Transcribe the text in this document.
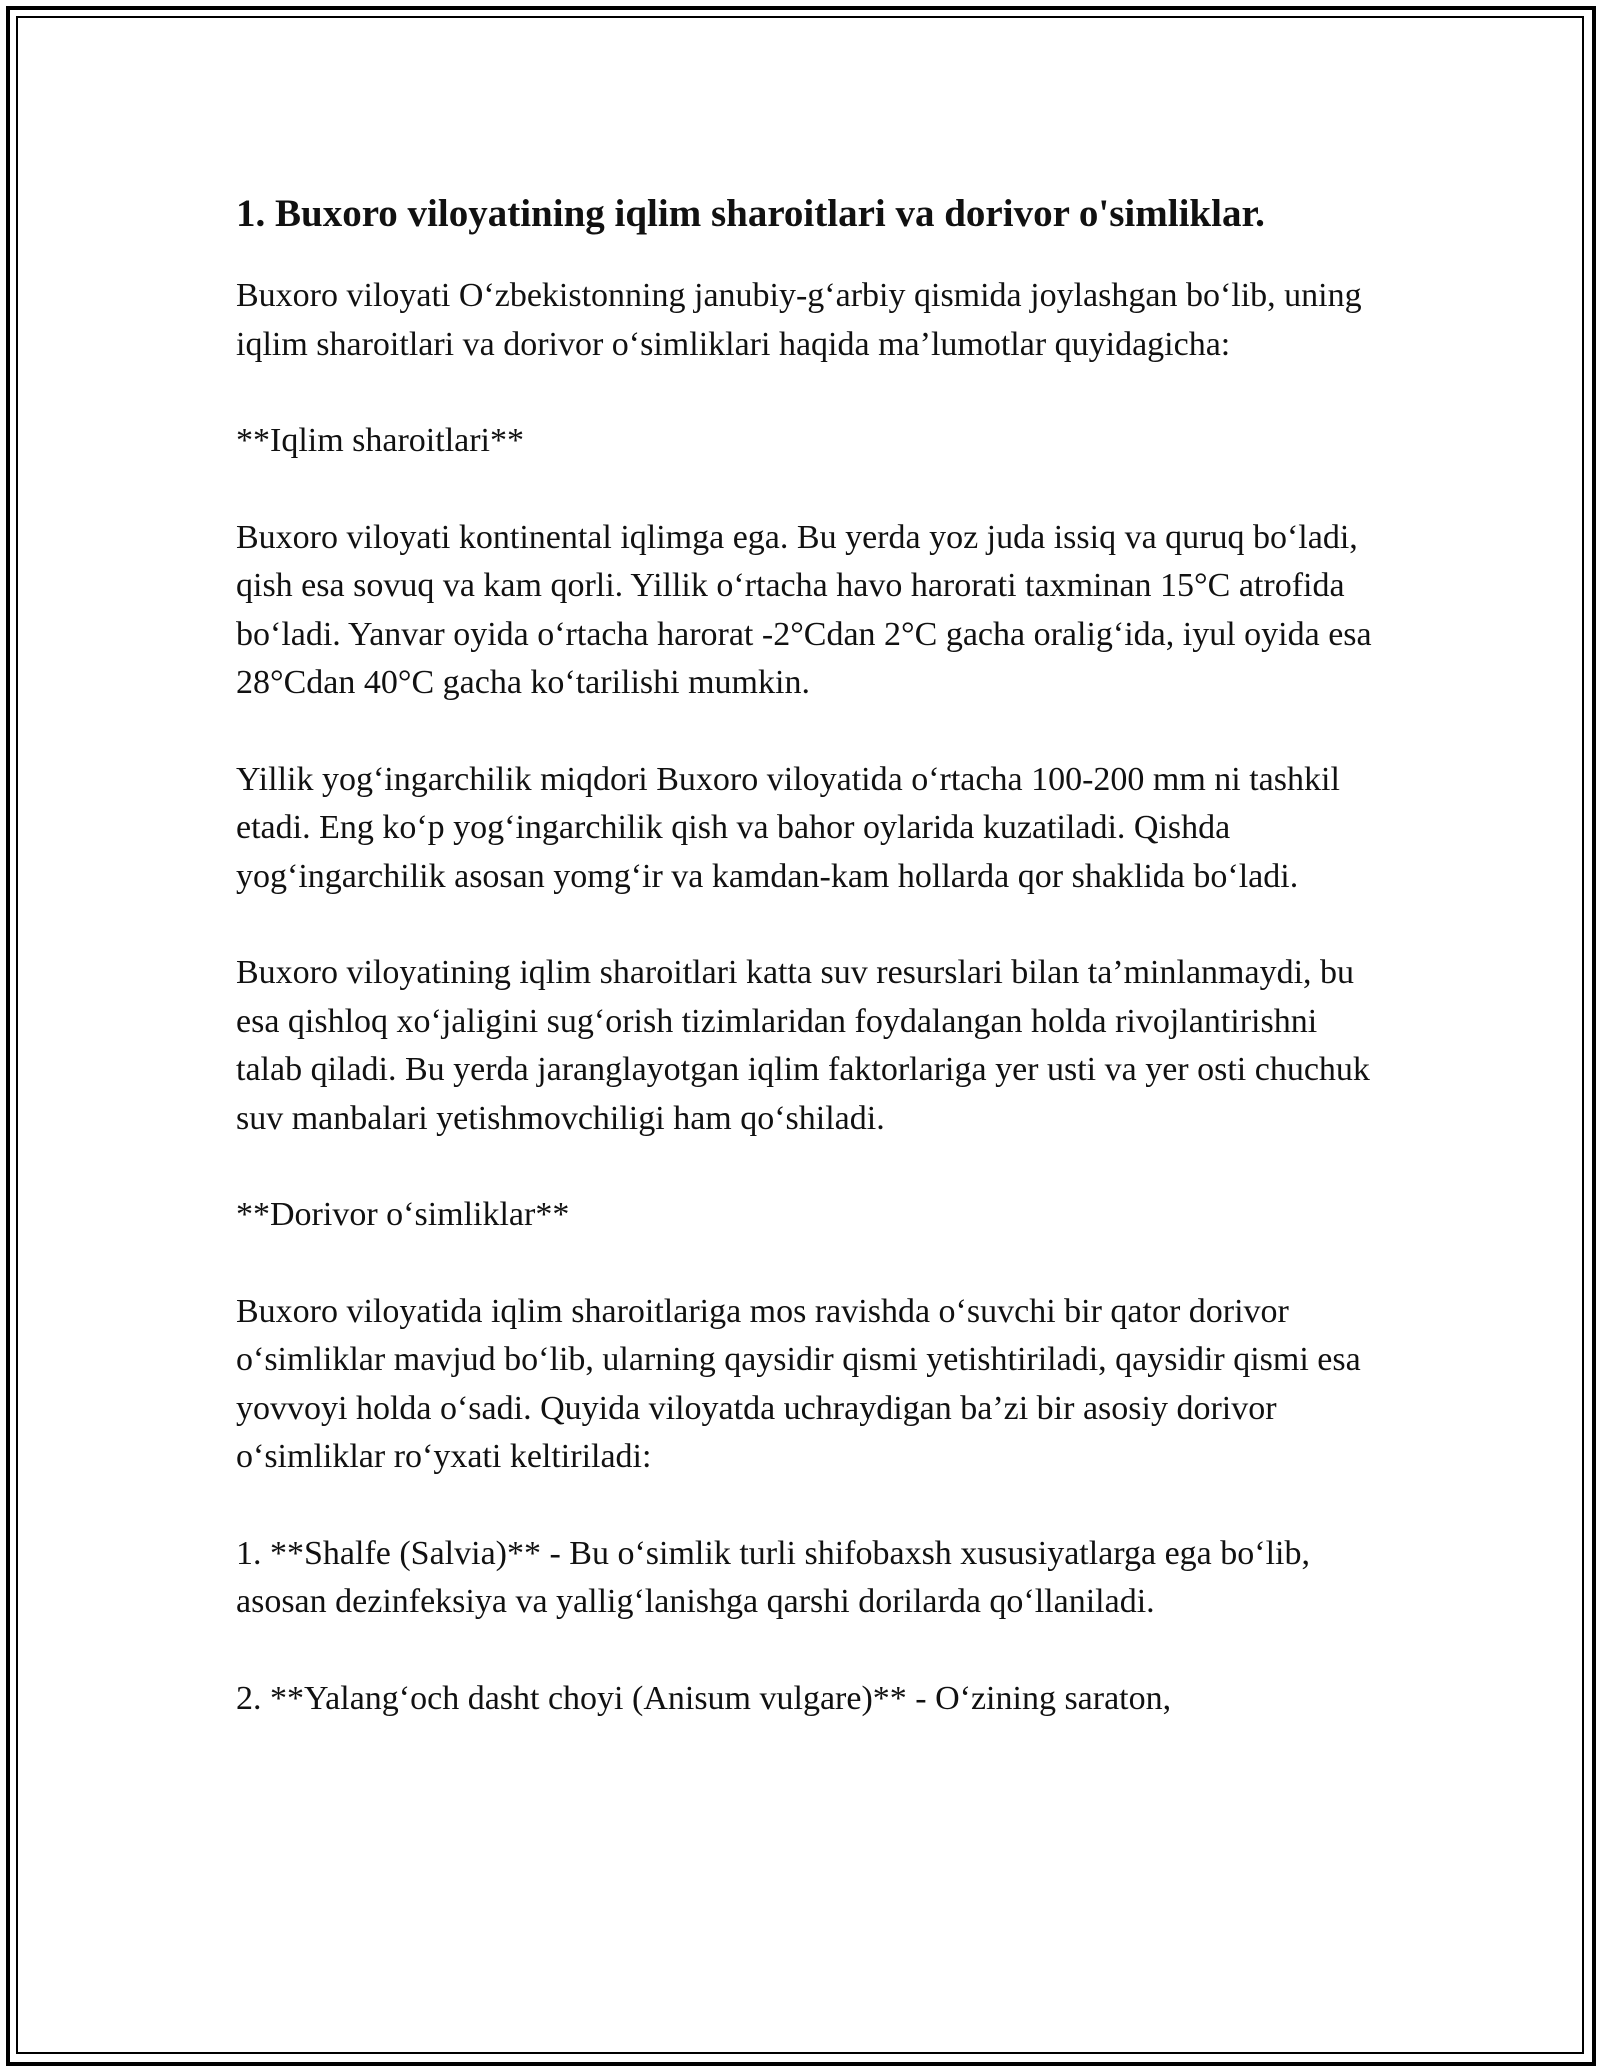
1. Buxoro viloyatining iqlim sharoitlari va dorivor o'simliklar.

Buxoro viloyati O‘zbekistonning janubiy-g‘arbiy qismida joylashgan bo‘lib, uning iqlim sharoitlari va dorivor o‘simliklari haqida ma’lumotlar quyidagicha:

**Iqlim sharoitlari**

Buxoro viloyati kontinental iqlimga ega. Bu yerda yoz juda issiq va quruq bo‘ladi, qish esa sovuq va kam qorli. Yillik o‘rtacha havo harorati taxminan 15°C atrofida bo‘ladi. Yanvar oyida o‘rtacha harorat -2°Cdan 2°C gacha oralig‘ida, iyul oyida esa 28°Cdan 40°C gacha ko‘tarilishi mumkin.

Yillik yog‘ingarchilik miqdori Buxoro viloyatida o‘rtacha 100-200 mm ni tashkil etadi. Eng ko‘p yog‘ingarchilik qish va bahor oylarida kuzatiladi. Qishda yog‘ingarchilik asosan yomg‘ir va kamdan-kam hollarda qor shaklida bo‘ladi.

Buxoro viloyatining iqlim sharoitlari katta suv resurslari bilan ta’minlanmaydi, bu esa qishloq xo‘jaligini sug‘orish tizimlaridan foydalangan holda rivojlantirishni talab qiladi. Bu yerda jaranglayotgan iqlim faktorlariga yer usti va yer osti chuchuk suv manbalari yetishmovchiligi ham qo‘shiladi.

**Dorivor o‘simliklar**

Buxoro viloyatida iqlim sharoitlariga mos ravishda o‘suvchi bir qator dorivor o‘simliklar mavjud bo‘lib, ularning qaysidir qismi yetishtiriladi, qaysidir qismi esa yovvoyi holda o‘sadi. Quyida viloyatda uchraydigan ba’zi bir asosiy dorivor o‘simliklar ro‘yxati keltiriladi:

1. **Shalfe (Salvia)** - Bu o‘simlik turli shifobaxsh xususiyatlarga ega bo‘lib, asosan dezinfeksiya va yallig‘lanishga qarshi dorilarda qo‘llaniladi.

2. **Yalang‘och dasht choyi (Anisum vulgare)** - O‘zining saraton,
